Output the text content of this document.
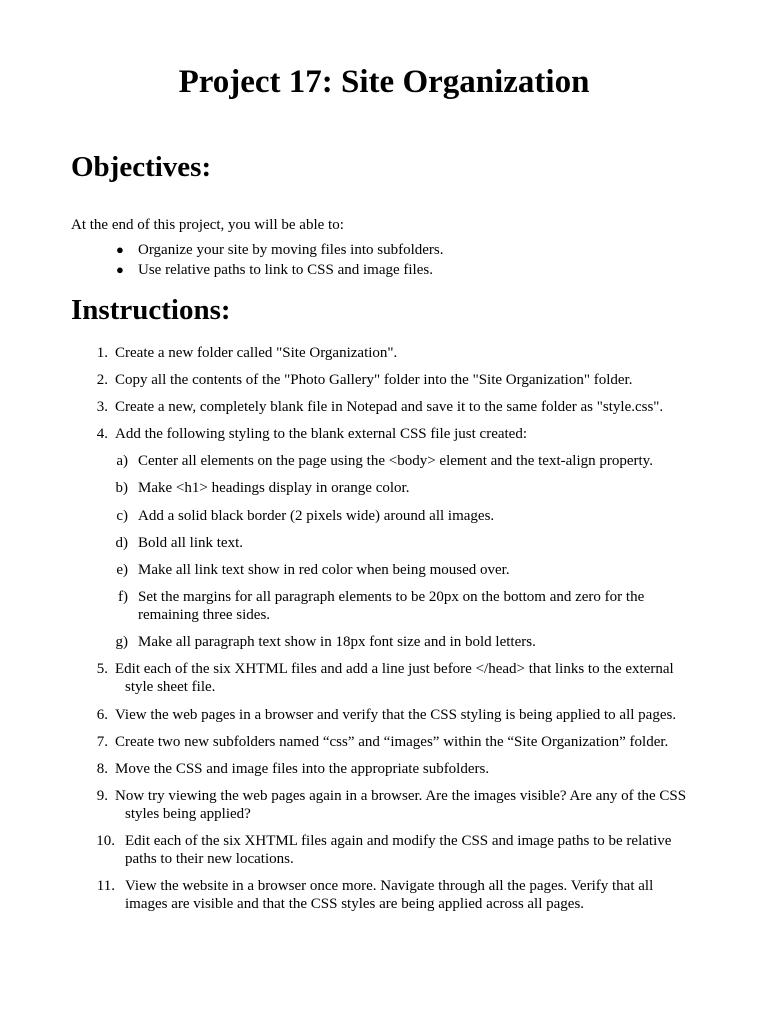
Project 17: Site Organization
Objectives:

At the end of this project, you will be able to:

● Organize your site by moving files into subfolders.
● Use relative paths to link to CSS and image files.
Instructions:
1. Create a new folder called "Site Organization".
2. Copy all the contents of the "Photo Gallery" folder into the "Site Organization" folder.
3. Create a new, completely blank file in Notepad and save it to the same folder as "style.css".
4. Add the following styling to the blank external CSS file just created:
a) Center all elements on the page using the <body> element and the text-align property.
b) Make <h1> headings display in orange color.
c) Add a solid black border (2 pixels wide) around all images.
d) Bold all link text.
e) Make all link text show in red color when being moused over.
f) Set the margins for all paragraph elements to be 20px on the bottom and zero for the
remaining three sides.
g) Make all paragraph text show in 18px font size and in bold letters.
5. Edit each of the six XHTML files and add a line just before </head> that links to the external
style sheet file.
6. View the web pages in a browser and verify that the CSS styling is being applied to all pages.
7. Create two new subfolders named “css” and “images” within the “Site Organization” folder.
8. Move the CSS and image files into the appropriate subfolders.
9. Now try viewing the web pages again in a browser. Are the images visible? Are any of the CSS
styles being applied?
10. Edit each of the six XHTML files again and modify the CSS and image paths to be relative
paths to their new locations.
11. View the website in a browser once more. Navigate through all the pages. Verify that all
images are visible and that the CSS styles are being applied across all pages.
